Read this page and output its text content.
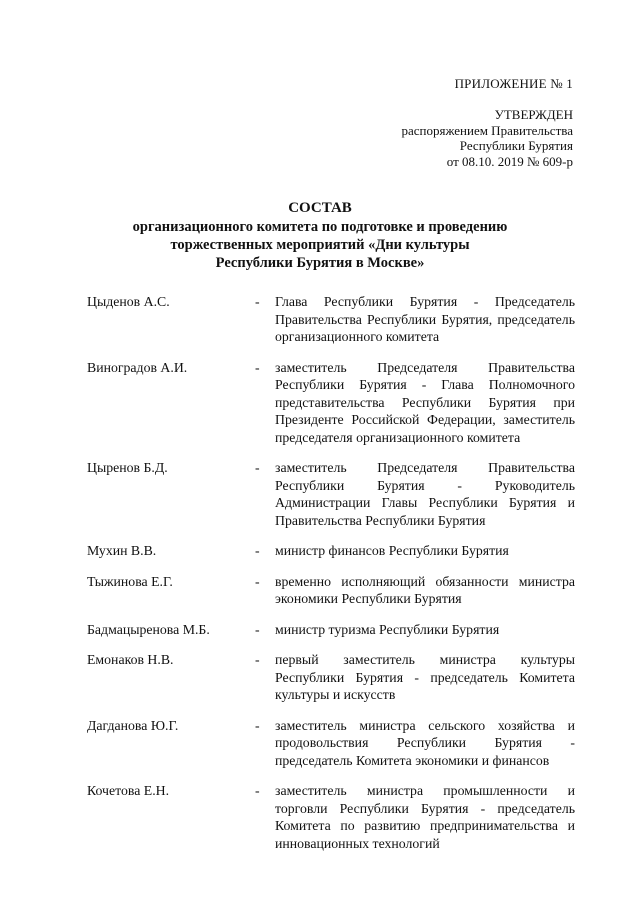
ПРИЛОЖЕНИЕ № 1
УТВЕРЖДЕН
распоряжением Правительства
Республики Бурятия
от 08.10. 2019 № 609-р
СОСТАВ
организационного комитета по подготовке и проведению
торжественных мероприятий «Дни культуры
Республики Бурятия в Москве»
Цыденов А.С.	-	Глава Республики Бурятия - Председатель Правительства Республики Бурятия, председатель организационного комитета
Виноградов А.И.	-	заместитель Председателя Правительства Республики Бурятия - Глава Полномочного представительства Республики Бурятия при Президенте Российской Федерации, заместитель председателя организационного комитета
Цыренов Б.Д.	-	заместитель Председателя Правительства Республики Бурятия - Руководитель Администрации Главы Республики Бурятия и Правительства Республики Бурятия
Мухин В.В.	-	министр финансов Республики Бурятия
Тыжинова Е.Г.	-	временно исполняющий обязанности министра экономики Республики Бурятия
Бадмацыренова М.Б.	-	министр туризма Республики Бурятия
Емонаков Н.В.	-	первый заместитель министра культуры Республики Бурятия - председатель Комитета культуры и искусств
Дагданова Ю.Г.	-	заместитель министра сельского хозяйства и продовольствия Республики Бурятия - председатель Комитета экономики и финансов
Кочетова Е.Н.	-	заместитель министра промышленности и торговли Республики Бурятия - председатель Комитета по развитию предпринимательства и инновационных технологий
